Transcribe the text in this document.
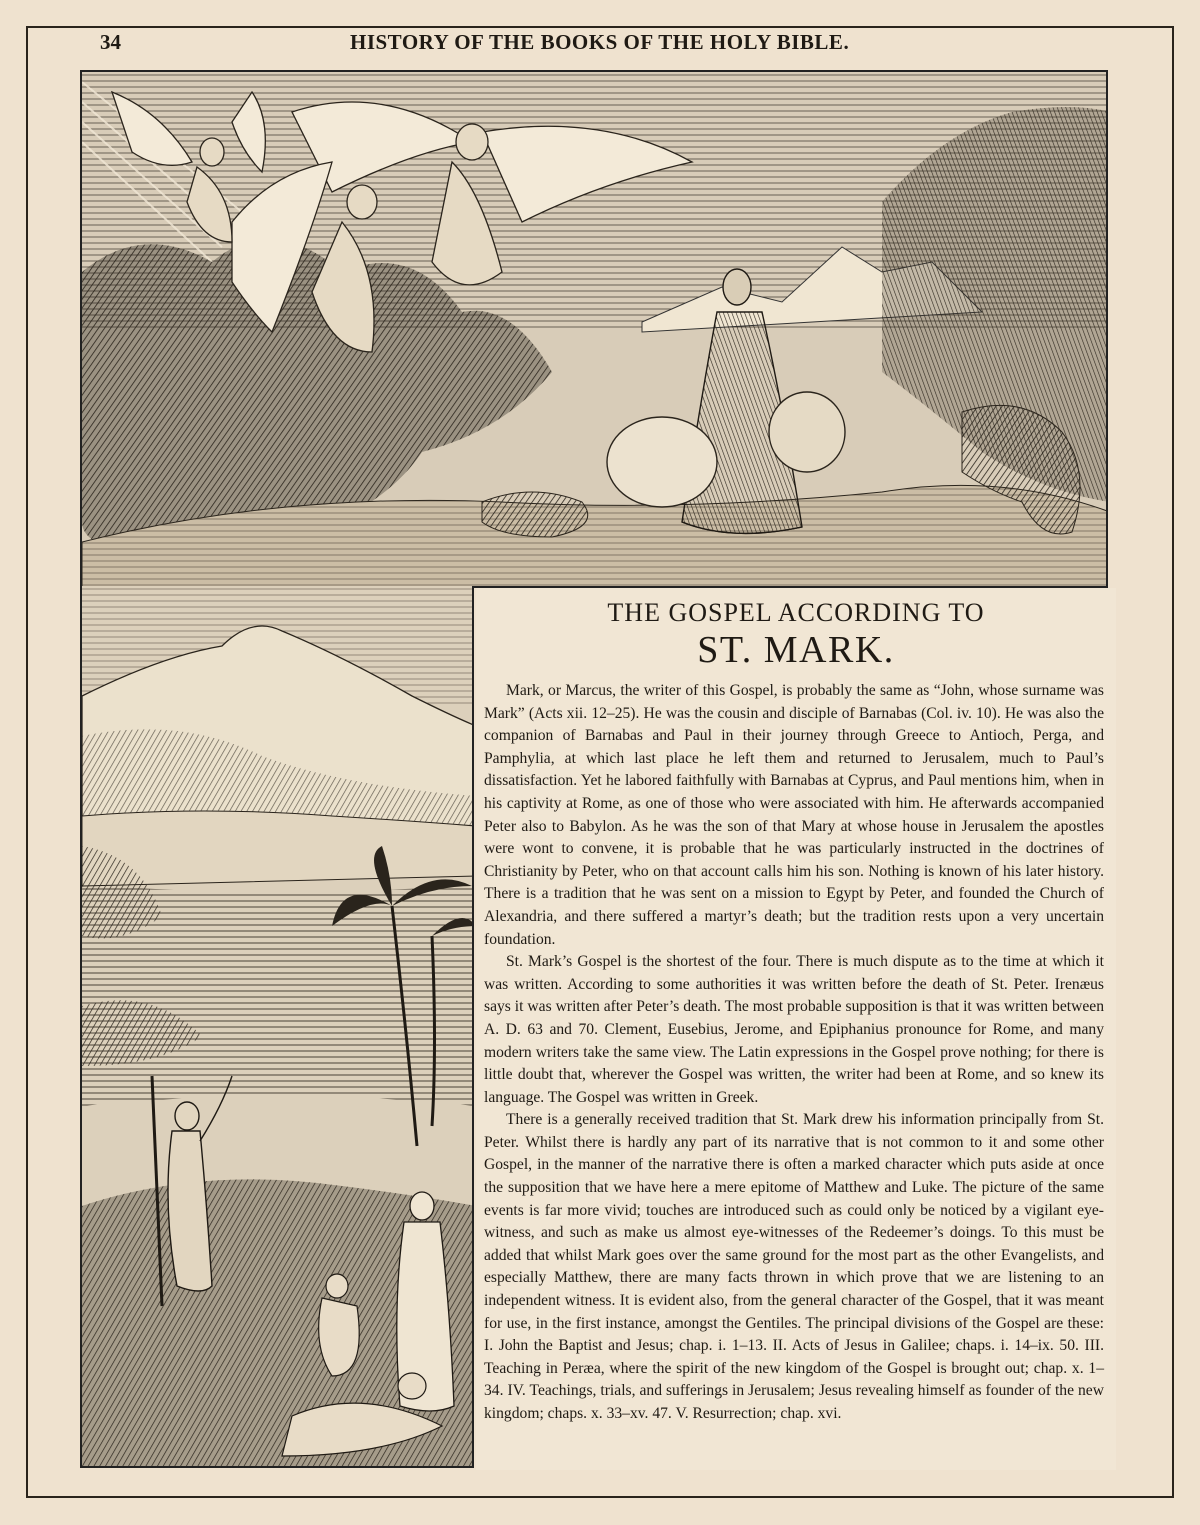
34	HISTORY OF THE BOOKS OF THE HOLY BIBLE.
THE GOSPEL ACCORDING TO
ST. MARK.

Mark, or Marcus, the writer of this Gospel, is probably the same as “John, whose surname was Mark” (Acts xii. 12–25). He was the cousin and disciple of Barnabas (Col. iv. 10). He was also the companion of Barnabas and Paul in their journey through Greece to Antioch, Perga, and Pamphylia, at which last place he left them and returned to Jerusalem, much to Paul’s dissatisfaction. Yet he labored faithfully with Barnabas at Cyprus, and Paul mentions him, when in his captivity at Rome, as one of those who were associated with him. He afterwards accompanied Peter also to Babylon. As he was the son of that Mary at whose house in Jerusalem the apostles were wont to convene, it is probable that he was particularly instructed in the doctrines of Christianity by Peter, who on that account calls him his son. Nothing is known of his later history. There is a tradition that he was sent on a mission to Egypt by Peter, and founded the Church of Alexandria, and there suffered a martyr’s death; but the tradition rests upon a very uncertain foundation.

St. Mark’s Gospel is the shortest of the four. There is much dispute as to the time at which it was written. According to some authorities it was written before the death of St. Peter. Irenæus says it was written after Peter’s death. The most probable supposition is that it was written between A. D. 63 and 70. Clement, Eusebius, Jerome, and Epiphanius pronounce for Rome, and many modern writers take the same view. The Latin expressions in the Gospel prove nothing; for there is little doubt that, wherever the Gospel was written, the writer had been at Rome, and so knew its language. The Gospel was written in Greek.

There is a generally received tradition that St. Mark drew his information principally from St. Peter. Whilst there is hardly any part of its narrative that is not common to it and some other Gospel, in the manner of the narrative there is often a marked character which puts aside at once the supposition that we have here a mere epitome of Matthew and Luke. The picture of the same events is far more vivid; touches are introduced such as could only be noticed by a vigilant eye-witness, and such as make us almost eye-witnesses of the Redeemer’s doings. To this must be added that whilst Mark goes over the same ground for the most part as the other Evangelists, and especially Matthew, there are many facts thrown in which prove that we are listening to an independent witness. It is evident also, from the general character of the Gospel, that it was meant for use, in the first instance, amongst the Gentiles. The principal divisions of the Gospel are these: I. John the Baptist and Jesus; chap. i. 1–13. II. Acts of Jesus in Galilee; chaps. i. 14–ix. 50. III. Teaching in Peræa, where the spirit of the new kingdom of the Gospel is brought out; chap. x. 1–34. IV. Teachings, trials, and sufferings in Jerusalem; Jesus revealing himself as founder of the new kingdom; chaps. x. 33–xv. 47. V. Resurrection; chap. xvi.
